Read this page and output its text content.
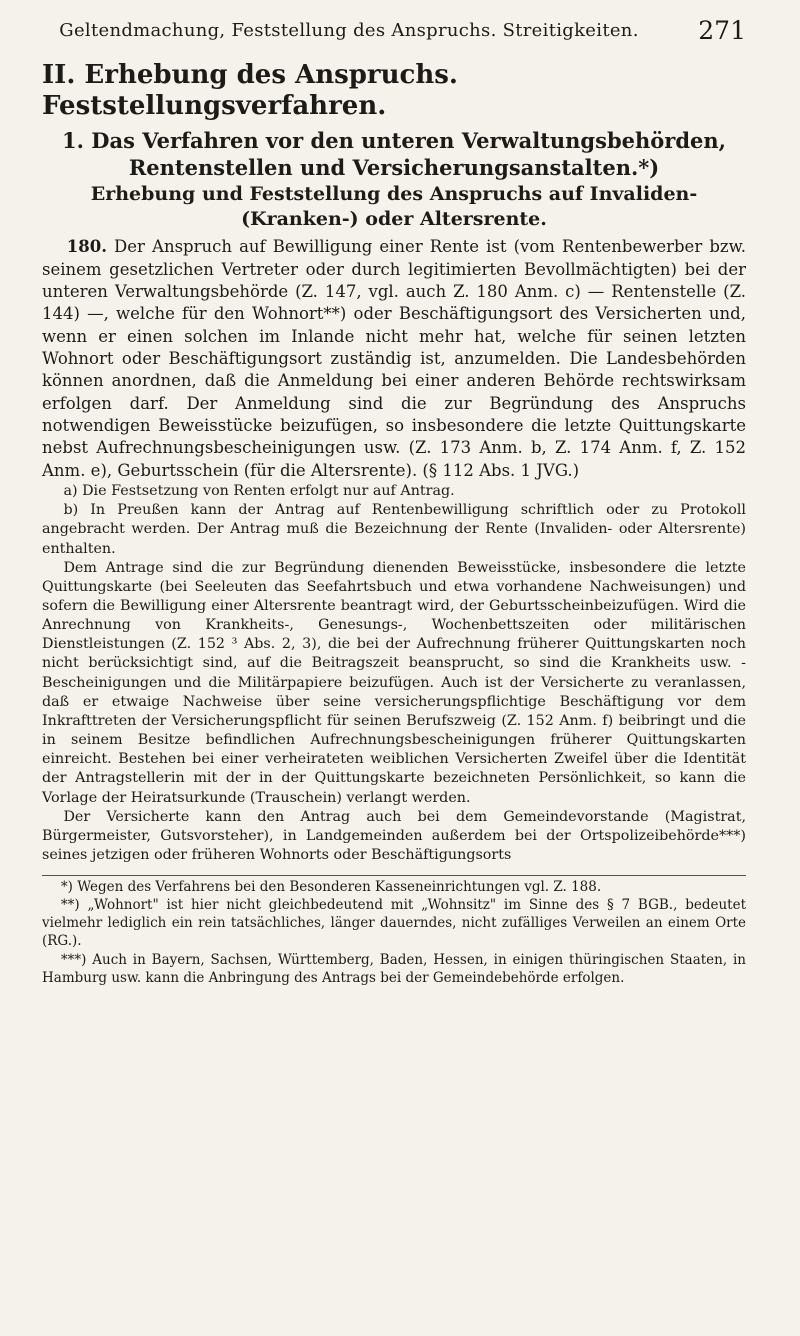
Geltendmachung, Feststellung des Anspruchs. Streitigkeiten.	271
II. Erhebung des Anspruchs. Feststellungsverfahren.
1. Das Verfahren vor den unteren Verwaltungsbehörden, Rentenstellen und Versicherungsanstalten.*)
Erhebung und Feststellung des Anspruchs auf Invaliden-(Kranken-) oder Altersrente.

180. Der Anspruch auf Bewilligung einer Rente ist (vom Rentenbewerber bzw. seinem gesetzlichen Vertreter oder durch legitimierten Bevollmächtigten) bei der unteren Verwaltungsbehörde (Z. 147, vgl. auch Z. 180 Anm. c) — Rentenstelle (Z. 144) —, welche für den Wohnort**) oder Beschäftigungsort des Versicherten und, wenn er einen solchen im Inlande nicht mehr hat, welche für seinen letzten Wohnort oder Beschäftigungsort zuständig ist, anzumelden. Die Landesbehörden können anordnen, daß die Anmeldung bei einer anderen Behörde rechtswirksam erfolgen darf. Der Anmeldung sind die zur Begründung des Anspruchs notwendigen Beweisstücke beizufügen, so insbesondere die letzte Quittungskarte nebst Aufrechnungsbescheinigungen usw. (Z. 173 Anm. b, Z. 174 Anm. f, Z. 152 Anm. e), Geburtsschein (für die Altersrente). (§ 112 Abs. 1 JVG.)

a) Die Festsetzung von Renten erfolgt nur auf Antrag.

b) In Preußen kann der Antrag auf Rentenbewilligung schriftlich oder zu Protokoll angebracht werden. Der Antrag muß die Bezeichnung der Rente (Invaliden- oder Altersrente) enthalten.

Dem Antrage sind die zur Begründung dienenden Beweisstücke, insbesondere die letzte Quittungskarte (bei Seeleuten das Seefahrtsbuch und etwa vorhandene Nachweisungen) und sofern die Bewilligung einer Altersrente beantragt wird, der Geburtsscheinbeizufügen. Wird die Anrechnung von Krankheits-, Genesungs-, Wochenbettszeiten oder militärischen Dienstleistungen (Z. 152 ³ Abs. 2, 3), die bei der Aufrechnung früherer Quittungskarten noch nicht berücksichtigt sind, auf die Beitragszeit beansprucht, so sind die Krankheits usw. -Bescheinigungen und die Militärpapiere beizufügen. Auch ist der Versicherte zu veranlassen, daß er etwaige Nachweise über seine versicherungspflichtige Beschäftigung vor dem Inkrafttreten der Versicherungspflicht für seinen Berufszweig (Z. 152 Anm. f) beibringt und die in seinem Besitze befindlichen Aufrechnungsbescheinigungen früherer Quittungskarten einreicht. Bestehen bei einer verheirateten weiblichen Versicherten Zweifel über die Identität der Antragstellerin mit der in der Quittungskarte bezeichneten Persönlichkeit, so kann die Vorlage der Heiratsurkunde (Trauschein) verlangt werden.

Der Versicherte kann den Antrag auch bei dem Gemeindevorstande (Magistrat, Bürgermeister, Gutsvorsteher), in Landgemeinden außerdem bei der Ortspolizeibehörde***) seines jetzigen oder früheren Wohnorts oder Beschäftigungsorts

*) Wegen des Verfahrens bei den Besonderen Kasseneinrichtungen vgl. Z. 188.

**) „Wohnort" ist hier nicht gleichbedeutend mit „Wohnsitz" im Sinne des § 7 BGB., bedeutet vielmehr lediglich ein rein tatsächliches, länger dauerndes, nicht zufälliges Verweilen an einem Orte (RG.).

***) Auch in Bayern, Sachsen, Württemberg, Baden, Hessen, in einigen thüringischen Staaten, in Hamburg usw. kann die Anbringung des Antrags bei der Gemeindebehörde erfolgen.
